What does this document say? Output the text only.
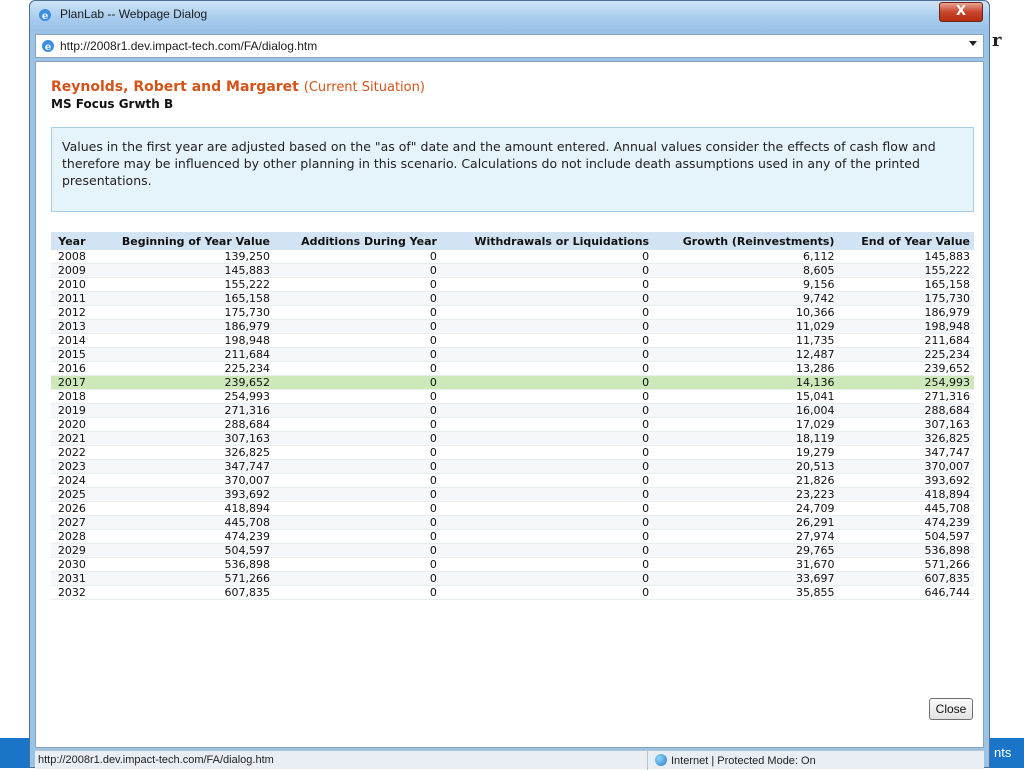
r
nts
e PlanLab -- Webpage Dialog	X
e http://2008r1.dev.impact-tech.com/FA/dialog.htm
Reynolds, Robert and Margaret (Current Situation)
MS Focus Grwth B
Values in the first year are adjusted based on the "as of" date and the amount entered. Annual values consider the effects of cash flow and therefore may be influenced by other planning in this scenario. Calculations do not include death assumptions used in any of the printed presentations.
Year	Beginning of Year Value	Additions During Year	Withdrawals or Liquidations	Growth (Reinvestments)	End of Year Value
2008	139,250	0	0	6,112	145,883
2009	145,883	0	0	8,605	155,222
2010	155,222	0	0	9,156	165,158
2011	165,158	0	0	9,742	175,730
2012	175,730	0	0	10,366	186,979
2013	186,979	0	0	11,029	198,948
2014	198,948	0	0	11,735	211,684
2015	211,684	0	0	12,487	225,234
2016	225,234	0	0	13,286	239,652
2017	239,652	0	0	14,136	254,993
2018	254,993	0	0	15,041	271,316
2019	271,316	0	0	16,004	288,684
2020	288,684	0	0	17,029	307,163
2021	307,163	0	0	18,119	326,825
2022	326,825	0	0	19,279	347,747
2023	347,747	0	0	20,513	370,007
2024	370,007	0	0	21,826	393,692
2025	393,692	0	0	23,223	418,894
2026	418,894	0	0	24,709	445,708
2027	445,708	0	0	26,291	474,239
2028	474,239	0	0	27,974	504,597
2029	504,597	0	0	29,765	536,898
2030	536,898	0	0	31,670	571,266
2031	571,266	0	0	33,697	607,835
2032	607,835	0	0	35,855	646,744
Close
http://2008r1.dev.impact-tech.com/FA/dialog.htm	Internet | Protected Mode: On
